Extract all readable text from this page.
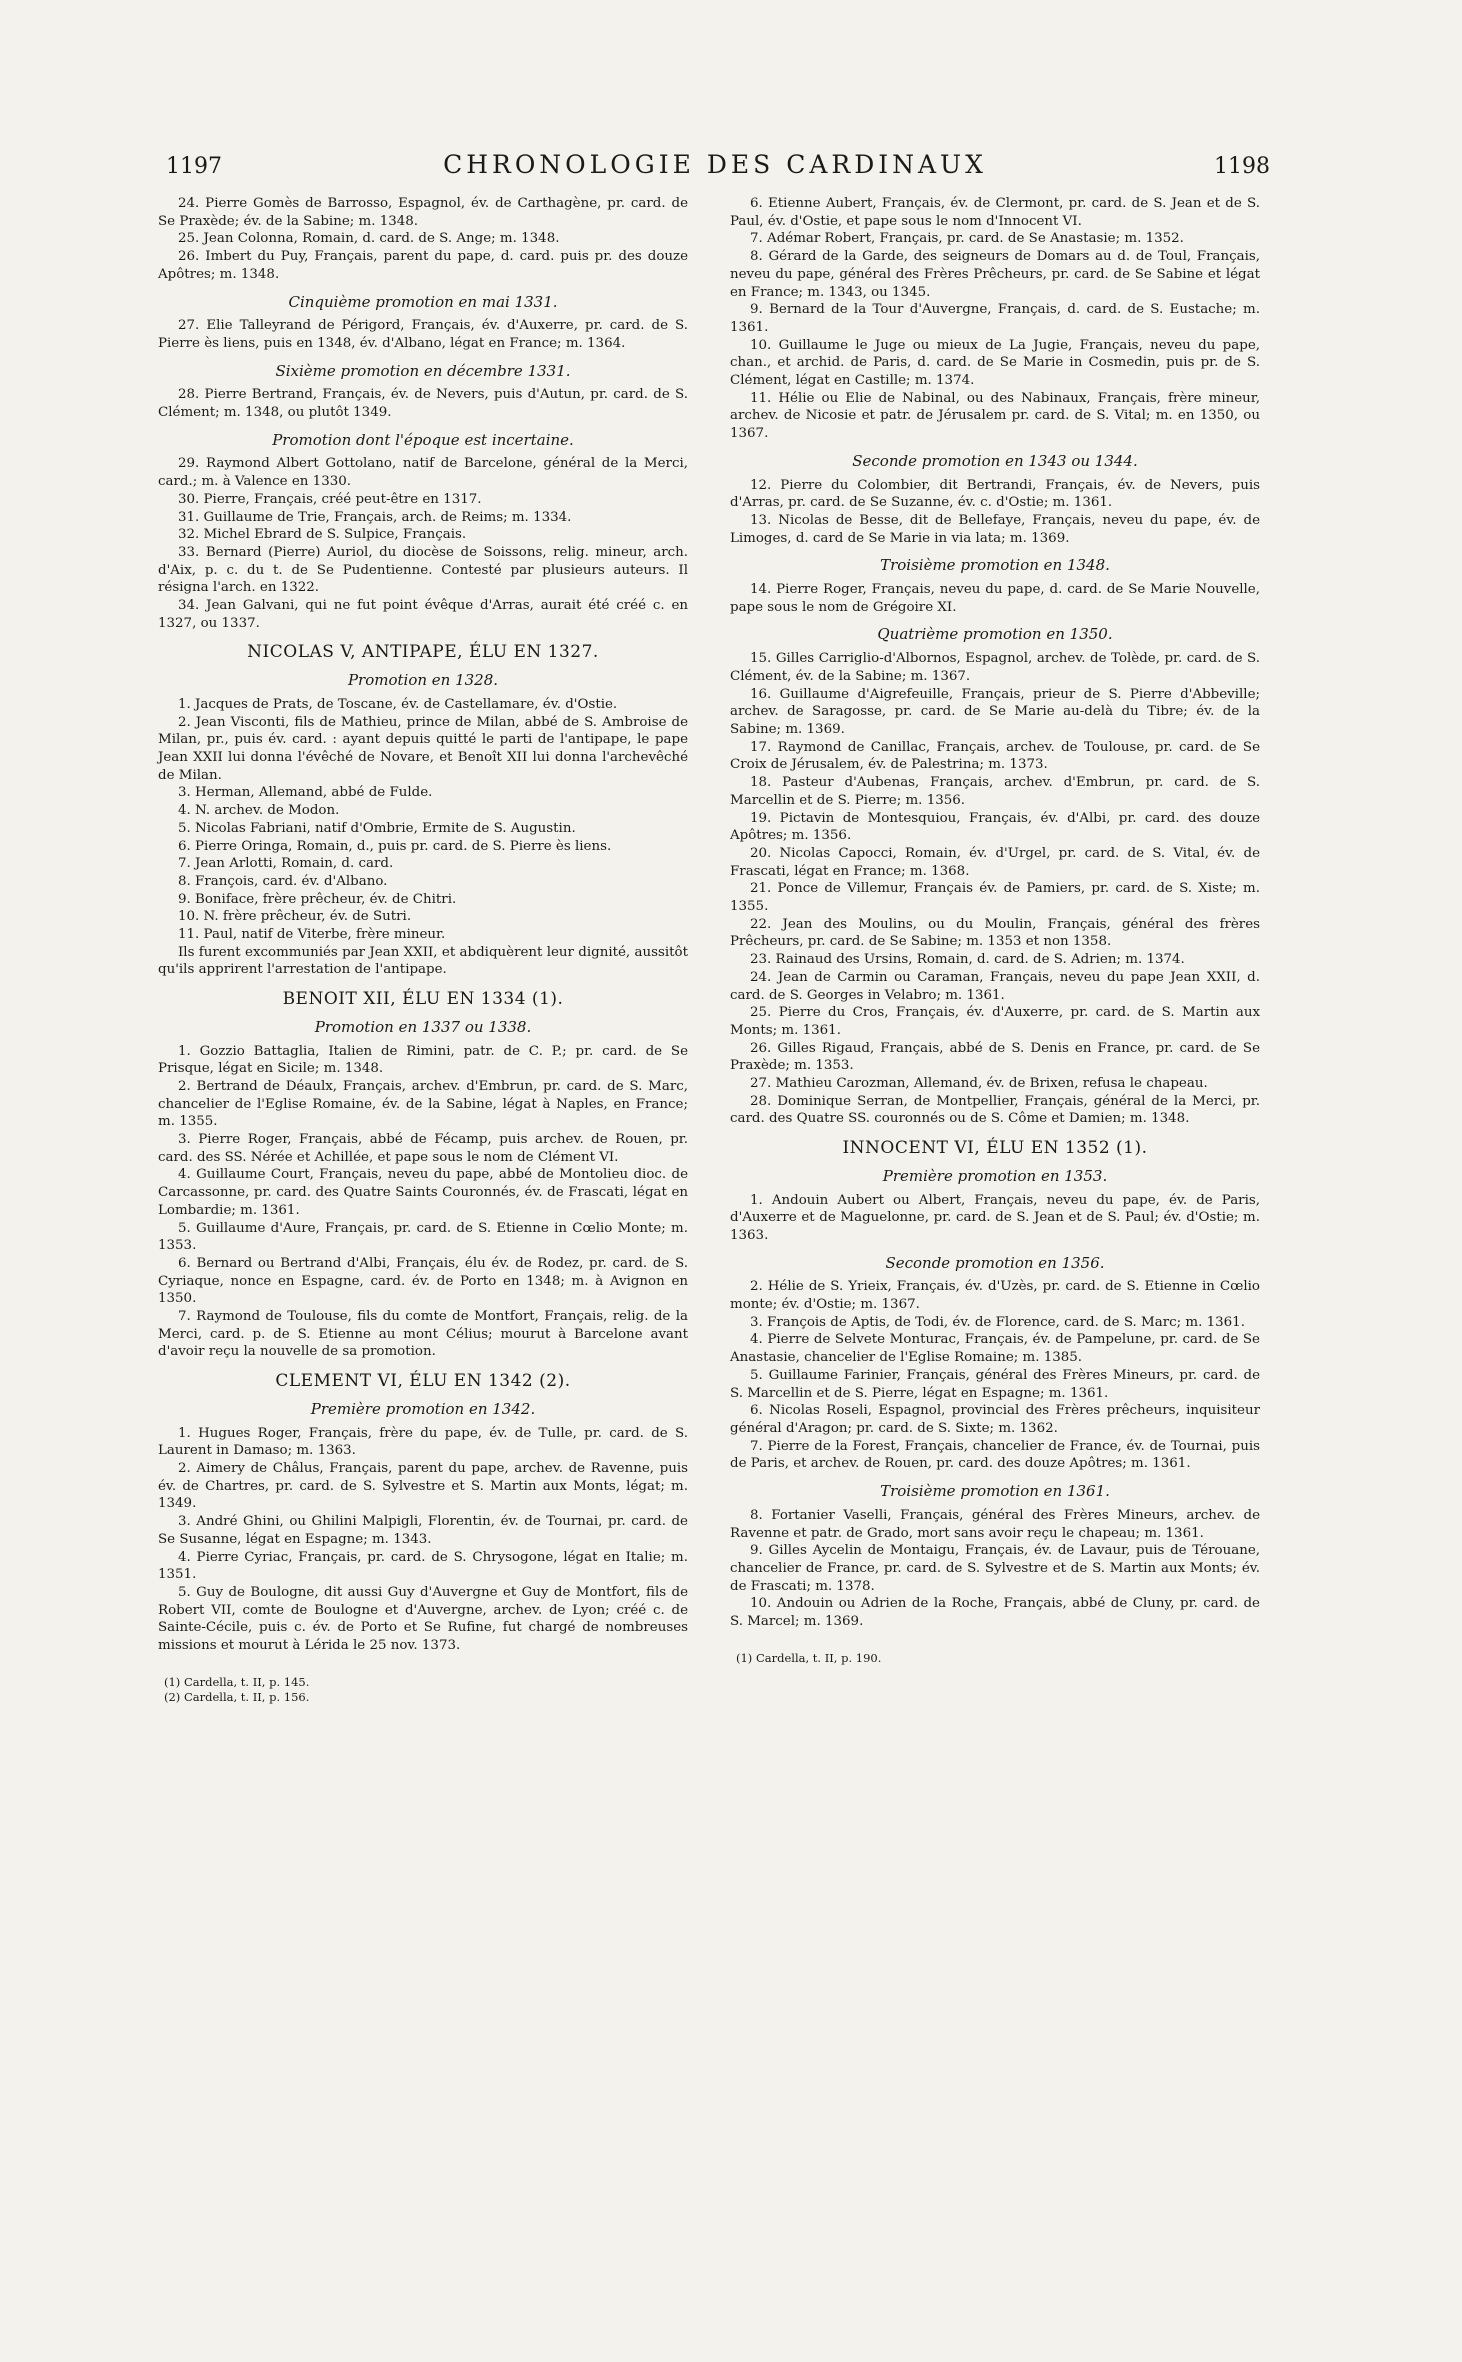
1197	CHRONOLOGIE DES CARDINAUX	1198

24. Pierre Gomès de Barrosso, Espagnol, év. de Carthagène, pr. card. de Se Praxède; év. de la Sabine; m. 1348.

25. Jean Colonna, Romain, d. card. de S. Ange; m. 1348.

26. Imbert du Puy, Français, parent du pape, d. card. puis pr. des douze Apôtres; m. 1348.

Cinquième promotion en mai 1331.

27. Elie Talleyrand de Périgord, Français, év. d'Auxerre, pr. card. de S. Pierre ès liens, puis en 1348, év. d'Albano, légat en France; m. 1364.

Sixième promotion en décembre 1331.

28. Pierre Bertrand, Français, év. de Nevers, puis d'Autun, pr. card. de S. Clément; m. 1348, ou plutôt 1349.

Promotion dont l'époque est incertaine.

29. Raymond Albert Gottolano, natif de Barcelone, général de la Merci, card.; m. à Valence en 1330.

30. Pierre, Français, créé peut-être en 1317.

31. Guillaume de Trie, Français, arch. de Reims; m. 1334.

32. Michel Ebrard de S. Sulpice, Français.

33. Bernard (Pierre) Auriol, du diocèse de Soissons, relig. mineur, arch. d'Aix, p. c. du t. de Se Pudentienne. Contesté par plusieurs auteurs. Il résigna l'arch. en 1322.

34. Jean Galvani, qui ne fut point évêque d'Arras, aurait été créé c. en 1327, ou 1337.

NICOLAS V, ANTIPAPE, ÉLU EN 1327.
Promotion en 1328.

1. Jacques de Prats, de Toscane, év. de Castellamare, év. d'Ostie.

2. Jean Visconti, fils de Mathieu, prince de Milan, abbé de S. Ambroise de Milan, pr., puis év. card. : ayant depuis quitté le parti de l'antipape, le pape Jean XXII lui donna l'évêché de Novare, et Benoît XII lui donna l'archevêché de Milan.

3. Herman, Allemand, abbé de Fulde.

4. N. archev. de Modon.

5. Nicolas Fabriani, natif d'Ombrie, Ermite de S. Augustin.

6. Pierre Oringa, Romain, d., puis pr. card. de S. Pierre ès liens.

7. Jean Arlotti, Romain, d. card.

8. François, card. év. d'Albano.

9. Boniface, frère prêcheur, év. de Chitri.

10. N. frère prêcheur, év. de Sutri.

11. Paul, natif de Viterbe, frère mineur.

Ils furent excommuniés par Jean XXII, et abdiquèrent leur dignité, aussitôt qu'ils apprirent l'arrestation de l'antipape.

BENOIT XII, ÉLU EN 1334 (1).
Promotion en 1337 ou 1338.

1. Gozzio Battaglia, Italien de Rimini, patr. de C. P.; pr. card. de Se Prisque, légat en Sicile; m. 1348.

2. Bertrand de Déaulx, Français, archev. d'Embrun, pr. card. de S. Marc, chancelier de l'Eglise Romaine, év. de la Sabine, légat à Naples, en France; m. 1355.

3. Pierre Roger, Français, abbé de Fécamp, puis archev. de Rouen, pr. card. des SS. Nérée et Achillée, et pape sous le nom de Clément VI.

4. Guillaume Court, Français, neveu du pape, abbé de Montolieu dioc. de Carcassonne, pr. card. des Quatre Saints Couronnés, év. de Frascati, légat en Lombardie; m. 1361.

5. Guillaume d'Aure, Français, pr. card. de S. Etienne in Cœlio Monte; m. 1353.

6. Bernard ou Bertrand d'Albi, Français, élu év. de Rodez, pr. card. de S. Cyriaque, nonce en Espagne, card. év. de Porto en 1348; m. à Avignon en 1350.

7. Raymond de Toulouse, fils du comte de Montfort, Français, relig. de la Merci, card. p. de S. Etienne au mont Célius; mourut à Barcelone avant d'avoir reçu la nouvelle de sa promotion.

CLEMENT VI, ÉLU EN 1342 (2).
Première promotion en 1342.

1. Hugues Roger, Français, frère du pape, év. de Tulle, pr. card. de S. Laurent in Damaso; m. 1363.

2. Aimery de Châlus, Français, parent du pape, archev. de Ravenne, puis év. de Chartres, pr. card. de S. Sylvestre et S. Martin aux Monts, légat; m. 1349.

3. André Ghini, ou Ghilini Malpigli, Florentin, év. de Tournai, pr. card. de Se Susanne, légat en Espagne; m. 1343.

4. Pierre Cyriac, Français, pr. card. de S. Chrysogone, légat en Italie; m. 1351.

5. Guy de Boulogne, dit aussi Guy d'Auvergne et Guy de Montfort, fils de Robert VII, comte de Boulogne et d'Auvergne, archev. de Lyon; créé c. de Sainte-Cécile, puis c. év. de Porto et Se Rufine, fut chargé de nombreuses missions et mourut à Lérida le 25 nov. 1373.

(1) Cardella, t. II, p. 145.
(2) Cardella, t. II, p. 156.

6. Etienne Aubert, Français, év. de Clermont, pr. card. de S. Jean et de S. Paul, év. d'Ostie, et pape sous le nom d'Innocent VI.

7. Adémar Robert, Français, pr. card. de Se Anastasie; m. 1352.

8. Gérard de la Garde, des seigneurs de Domars au d. de Toul, Français, neveu du pape, général des Frères Prêcheurs, pr. card. de Se Sabine et légat en France; m. 1343, ou 1345.

9. Bernard de la Tour d'Auvergne, Français, d. card. de S. Eustache; m. 1361.

10. Guillaume le Juge ou mieux de La Jugie, Français, neveu du pape, chan., et archid. de Paris, d. card. de Se Marie in Cosmedin, puis pr. de S. Clément, légat en Castille; m. 1374.

11. Hélie ou Elie de Nabinal, ou des Nabinaux, Français, frère mineur, archev. de Nicosie et patr. de Jérusalem pr. card. de S. Vital; m. en 1350, ou 1367.

Seconde promotion en 1343 ou 1344.

12. Pierre du Colombier, dit Bertrandi, Français, év. de Nevers, puis d'Arras, pr. card. de Se Suzanne, év. c. d'Ostie; m. 1361.

13. Nicolas de Besse, dit de Bellefaye, Français, neveu du pape, év. de Limoges, d. card de Se Marie in via lata; m. 1369.

Troisième promotion en 1348.

14. Pierre Roger, Français, neveu du pape, d. card. de Se Marie Nouvelle, pape sous le nom de Grégoire XI.

Quatrième promotion en 1350.

15. Gilles Carriglio-d'Albornos, Espagnol, archev. de Tolède, pr. card. de S. Clément, év. de la Sabine; m. 1367.

16. Guillaume d'Aigrefeuille, Français, prieur de S. Pierre d'Abbeville; archev. de Saragosse, pr. card. de Se Marie au-delà du Tibre; év. de la Sabine; m. 1369.

17. Raymond de Canillac, Français, archev. de Toulouse, pr. card. de Se Croix de Jérusalem, év. de Palestrina; m. 1373.

18. Pasteur d'Aubenas, Français, archev. d'Embrun, pr. card. de S. Marcellin et de S. Pierre; m. 1356.

19. Pictavin de Montesquiou, Français, év. d'Albi, pr. card. des douze Apôtres; m. 1356.

20. Nicolas Capocci, Romain, év. d'Urgel, pr. card. de S. Vital, év. de Frascati, légat en France; m. 1368.

21. Ponce de Villemur, Français év. de Pamiers, pr. card. de S. Xiste; m. 1355.

22. Jean des Moulins, ou du Moulin, Français, général des frères Prêcheurs, pr. card. de Se Sabine; m. 1353 et non 1358.

23. Rainaud des Ursins, Romain, d. card. de S. Adrien; m. 1374.

24. Jean de Carmin ou Caraman, Français, neveu du pape Jean XXII, d. card. de S. Georges in Velabro; m. 1361.

25. Pierre du Cros, Français, év. d'Auxerre, pr. card. de S. Martin aux Monts; m. 1361.

26. Gilles Rigaud, Français, abbé de S. Denis en France, pr. card. de Se Praxède; m. 1353.

27. Mathieu Carozman, Allemand, év. de Brixen, refusa le chapeau.

28. Dominique Serran, de Montpellier, Français, général de la Merci, pr. card. des Quatre SS. couronnés ou de S. Côme et Damien; m. 1348.

INNOCENT VI, ÉLU EN 1352 (1).
Première promotion en 1353.

1. Andouin Aubert ou Albert, Français, neveu du pape, év. de Paris, d'Auxerre et de Maguelonne, pr. card. de S. Jean et de S. Paul; év. d'Ostie; m. 1363.

Seconde promotion en 1356.

2. Hélie de S. Yrieix, Français, év. d'Uzès, pr. card. de S. Etienne in Cœlio monte; év. d'Ostie; m. 1367.

3. François de Aptis, de Todi, év. de Florence, card. de S. Marc; m. 1361.

4. Pierre de Selvete Monturac, Français, év. de Pampelune, pr. card. de Se Anastasie, chancelier de l'Eglise Romaine; m. 1385.

5. Guillaume Farinier, Français, général des Frères Mineurs, pr. card. de S. Marcellin et de S. Pierre, légat en Espagne; m. 1361.

6. Nicolas Roseli, Espagnol, provincial des Frères prêcheurs, inquisiteur général d'Aragon; pr. card. de S. Sixte; m. 1362.

7. Pierre de la Forest, Français, chancelier de France, év. de Tournai, puis de Paris, et archev. de Rouen, pr. card. des douze Apôtres; m. 1361.

Troisième promotion en 1361.

8. Fortanier Vaselli, Français, général des Frères Mineurs, archev. de Ravenne et patr. de Grado, mort sans avoir reçu le chapeau; m. 1361.

9. Gilles Aycelin de Montaigu, Français, év. de Lavaur, puis de Térouane, chancelier de France, pr. card. de S. Sylvestre et de S. Martin aux Monts; év. de Frascati; m. 1378.

10. Andouin ou Adrien de la Roche, Français, abbé de Cluny, pr. card. de S. Marcel; m. 1369.

(1) Cardella, t. II, p. 190.
